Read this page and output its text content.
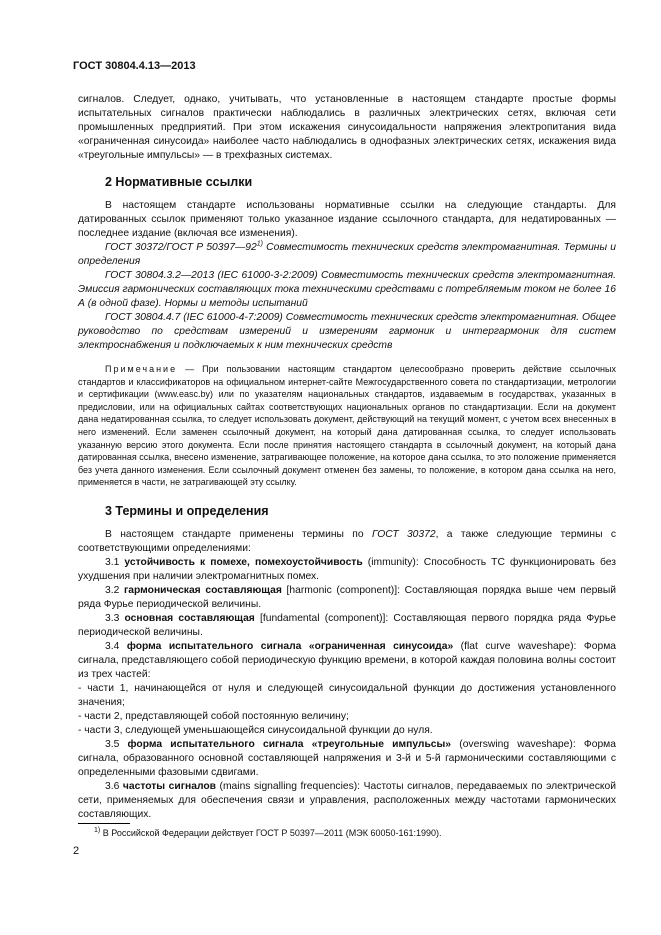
ГОСТ 30804.4.13—2013

сигналов. Следует, однако, учитывать, что установленные в настоящем стандарте простые формы испытательных сигналов практически наблюдались в различных электрических сетях, включая сети промышленных предприятий. При этом искажения синусоидальности напряжения электропитания вида «ограниченная синусоида» наиболее часто наблюдались в однофазных электрических сетях, искажения вида «треугольные импульсы» — в трехфазных системах.

2 Нормативные ссылки

В настоящем стандарте использованы нормативные ссылки на следующие стандарты. Для датированных ссылок применяют только указанное издание ссылочного стандарта, для недатированных — последнее издание (включая все изменения).

ГОСТ 30372/ГОСТ Р 50397—92$^{1)}$ Совместимость технических средств электромагнитная. Термины и определения

ГОСТ 30804.3.2—2013 (IEC 61000-3-2:2009) Совместимость технических средств электромагнитная. Эмиссия гармонических составляющих тока техническими средствами с потребляемым током не более 16 А (в одной фазе). Нормы и методы испытаний

ГОСТ 30804.4.7 (IEC 61000-4-7:2009) Совместимость технических средств электромагнитная. Общее руководство по средствам измерений и измерениям гармоник и интергармоник для систем электроснабжения и подключаемых к ним технических средств

Примечание — При пользовании настоящим стандартом целесообразно проверить действие ссылочных стандартов и классификаторов на официальном интернет-сайте Межгосударственного совета по стандартизации, метрологии и сертификации (www.easc.by) или по указателям национальных стандартов, издаваемым в государствах, указанных в предисловии, или на официальных сайтах соответствующих национальных органов по стандартизации. Если на документ дана недатированная ссылка, то следует использовать документ, действующий на текущий момент, с учетом всех внесенных в него изменений. Если заменен ссылочный документ, на который дана датированная ссылка, то следует использовать указанную версию этого документа. Если после принятия настоящего стандарта в ссылочный документ, на который дана датированная ссылка, внесено изменение, затрагивающее положение, на которое дана ссылка, то это положение применяется без учета данного изменения. Если ссылочный документ отменен без замены, то положение, в котором дана ссылка на него, применяется в части, не затрагивающей эту ссылку.

3 Термины и определения

В настоящем стандарте применены термины по ГОСТ 30372, а также следующие термины с соответствующими определениями:

3.1 устойчивость к помехе, помехоустойчивость (immunity): Способность ТС функционировать без ухудшения при наличии электромагнитных помех.

3.2 гармоническая составляющая [harmonic (component)]: Составляющая порядка выше чем первый ряда Фурье периодической величины.

3.3 основная составляющая [fundamental (component)]: Составляющая первого порядка ряда Фурье периодической величины.

3.4 форма испытательного сигнала «ограниченная синусоида» (flat curve waveshape): Форма сигнала, представляющего собой периодическую функцию времени, в которой каждая половина волны состоит из трех частей:

- части 1, начинающейся от нуля и следующей синусоидальной функции до достижения установленного значения;

- части 2, представляющей собой постоянную величину;

- части 3, следующей уменьшающейся синусоидальной функции до нуля.

3.5 форма испытательного сигнала «треугольные импульсы» (overswing waveshape): Форма сигнала, образованного основной составляющей напряжения и 3-й и 5-й гармоническими составляющими с определенными фазовыми сдвигами.

3.6 частоты сигналов (mains signalling frequencies): Частоты сигналов, передаваемых по электрической сети, применяемых для обеспечения связи и управления, расположенных между частотами гармонических составляющих.

$^{1)}$ В Российской Федерации действует ГОСТ Р 50397—2011 (МЭК 60050-161:1990).
2
